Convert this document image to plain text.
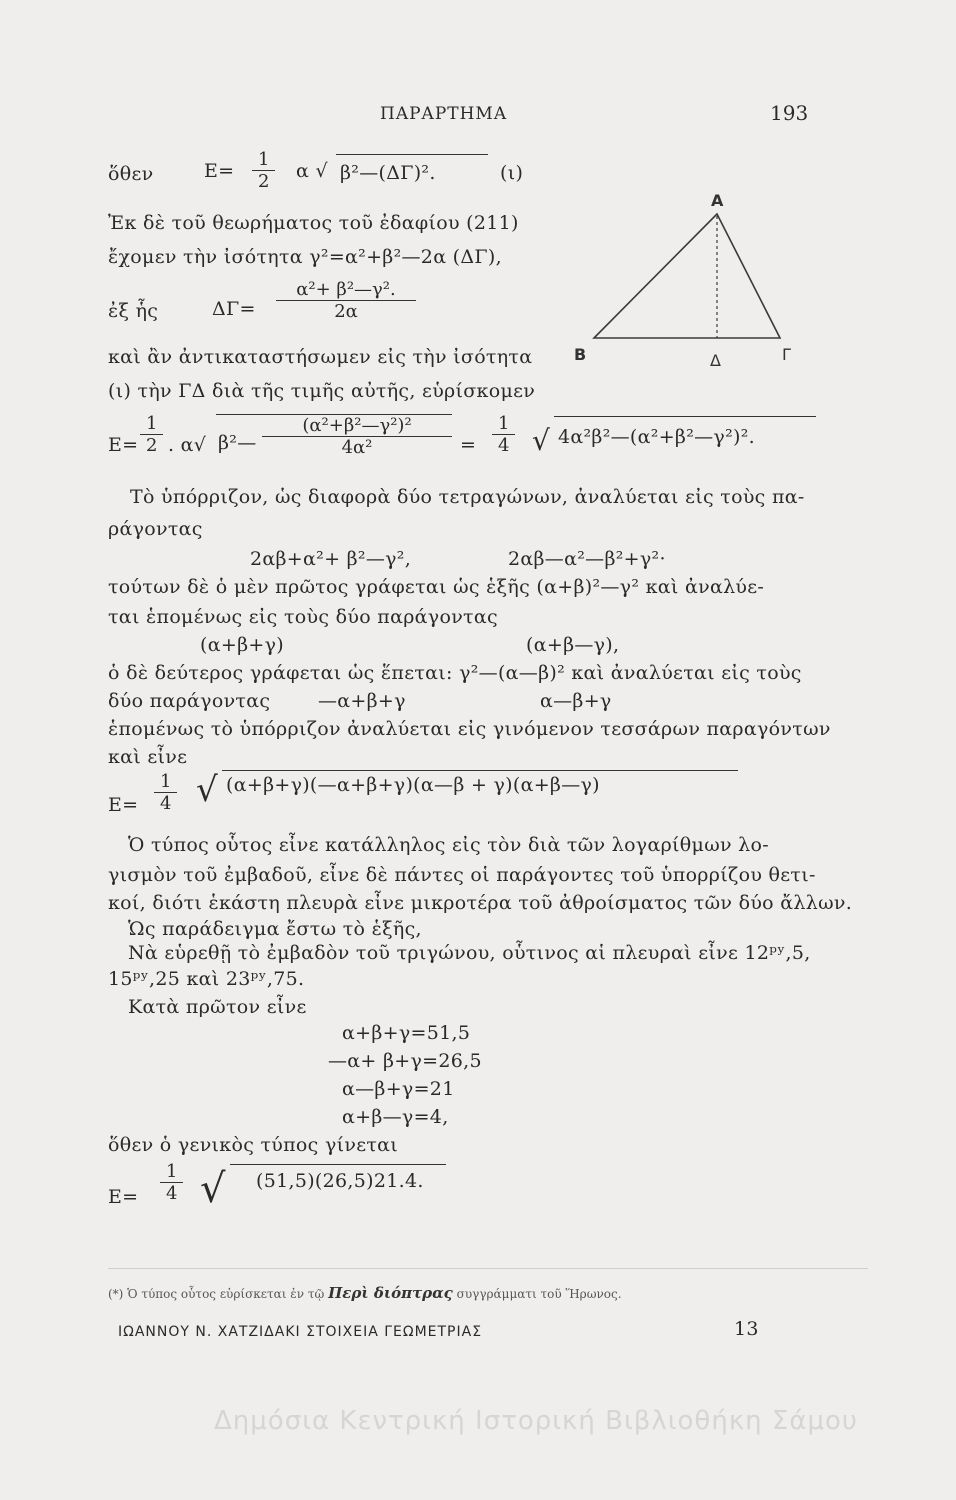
ΠΑΡΑΡΤΗΜΑ	193
ὅθεν	E=
1
2	α √ β²—(ΔΓ)².	(ι)
Ἐκ δὲ τοῦ θεωρήματος τοῦ ἐδαφίου (211)
ἔχομεν τὴν ἰσότητα γ²=α²+β²—2α (ΔΓ),
ἐξ ἧς	ΔΓ=
α²+ β²—γ².
2α
καὶ ἂν ἀντικαταστήσωμεν εἰς τὴν ἰσότητα
(ι) τὴν ΓΔ διὰ τῆς τιμῆς αὐτῆς, εὑρίσκομεν
A
B	Δ	Γ
E=
1
2 . α√ β²—
(α²+β²—γ²)²
4α²	=
1
4 √ 4α²β²—(α²+β²—γ²)².
Τὸ ὑπόρριζον, ὡς διαφορὰ δύο τετραγώνων, ἀναλύεται εἰς τοὺς πα-
ράγοντας
2αβ+α²+ β²—γ²,	2αβ—α²—β²+γ²·
τούτων δὲ ὁ μὲν πρῶτος γράφεται ὡς ἑξῆς (α+β)²—γ² καὶ ἀναλύε-
ται ἑπομένως εἰς τοὺς δύο παράγοντας
(α+β+γ)	(α+β—γ),
ὁ δὲ δεύτερος γράφεται ὡς ἕπεται: γ²—(α—β)² καὶ ἀναλύεται εἰς τοὺς
δύο παράγοντας	—α+β+γ	α—β+γ
ἑπομένως τὸ ὑπόρριζον ἀναλύεται εἰς γινόμενον τεσσάρων παραγόντων
καὶ εἶνε
E=
1
4 √ (α+β+γ)(—α+β+γ)(α—β + γ)(α+β—γ)
Ὁ τύπος οὗτος εἶνε κατάλληλος εἰς τὸν διὰ τῶν λογαρίθμων λο-
γισμὸν τοῦ ἐμβαδοῦ, εἶνε δὲ πάντες οἱ παράγοντες τοῦ ὑπορρίζου θετι-
κοί, διότι ἑκάστη πλευρὰ εἶνε μικροτέρα τοῦ ἀθροίσματος τῶν δύο ἄλλων.
Ὡς παράδειγμα ἔστω τὸ ἑξῆς,
Νὰ εὑρεθῇ τὸ ἐμβαδὸν τοῦ τριγώνου, οὗτινος αἱ πλευραὶ εἶνε 12ᵖʸ,5,
15ᵖʸ,25 καὶ 23ᵖʸ,75.
Κατὰ πρῶτον εἶνε
α+β+γ=51,5
—α+ β+γ=26,5
α—β+γ=21
α+β—γ=4,
ὅθεν ὁ γενικὸς τύπος γίνεται
E=
1
4 √ (51,5)(26,5)21.4.
(*) Ὁ τύπος οὗτος εὑρίσκεται ἐν τῷ Περὶ διόπτρας συγγράμματι τοῦ Ἥρωνος.
ΙΩΑΝΝΟΥ Ν. ΧΑΤΖΙΔΑΚΙ ΣΤΟΙΧΕΙΑ ΓΕΩΜΕΤΡΙΑΣ	13
Δημόσια Κεντρική Ιστορική Βιβλιοθήκη Σάμου
